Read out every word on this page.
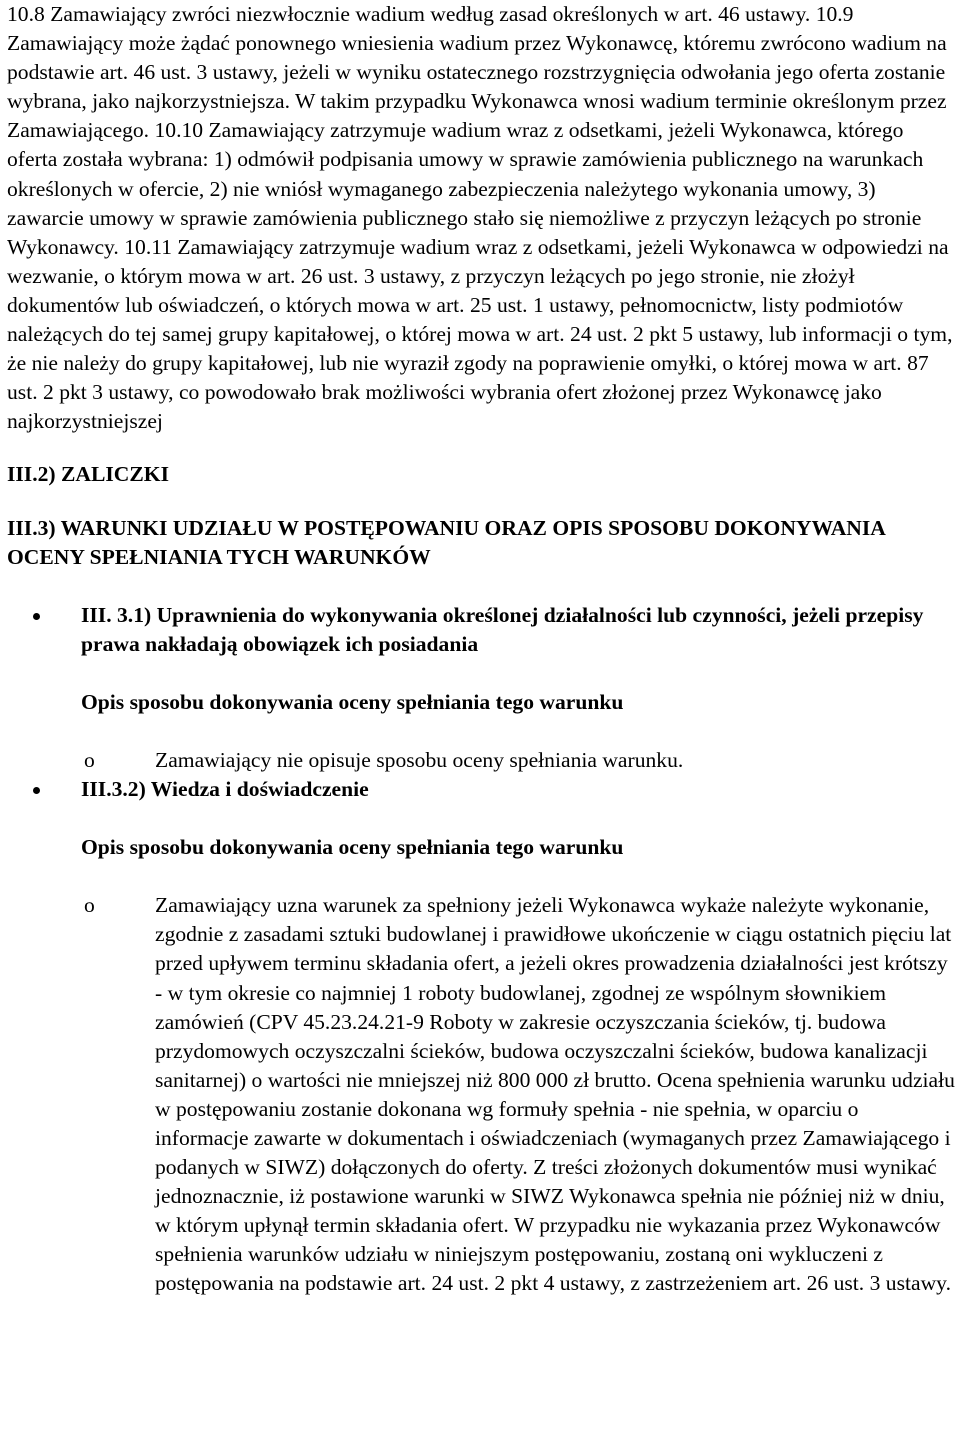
10.8 Zamawiający zwróci niezwłocznie wadium według zasad określonych w art. 46 ustawy. 10.9 Zamawiający może żądać ponownego wniesienia wadium przez Wykonawcę, któremu zwrócono wadium na podstawie art. 46 ust. 3 ustawy, jeżeli w wyniku ostatecznego rozstrzygnięcia odwołania jego oferta zostanie wybrana, jako najkorzystniejsza. W takim przypadku Wykonawca wnosi wadium terminie określonym przez Zamawiającego. 10.10 Zamawiający zatrzymuje wadium wraz z odsetkami, jeżeli Wykonawca, którego oferta została wybrana: 1) odmówił podpisania umowy w sprawie zamówienia publicznego na warunkach określonych w ofercie, 2) nie wniósł wymaganego zabezpieczenia należytego wykonania umowy, 3) zawarcie umowy w sprawie zamówienia publicznego stało się niemożliwe z przyczyn leżących po stronie Wykonawcy. 10.11 Zamawiający zatrzymuje wadium wraz z odsetkami, jeżeli Wykonawca w odpowiedzi na wezwanie, o którym mowa w art. 26 ust. 3 ustawy, z przyczyn leżących po jego stronie, nie złożył dokumentów lub oświadczeń, o których mowa w art. 25 ust. 1 ustawy, pełnomocnictw, listy podmiotów należących do tej samej grupy kapitałowej, o której mowa w art. 24 ust. 2 pkt 5 ustawy, lub informacji o tym, że nie należy do grupy kapitałowej, lub nie wyraził zgody na poprawienie omyłki, o której mowa w art. 87 ust. 2 pkt 3 ustawy, co powodowało brak możliwości wybrania ofert złożonej przez Wykonawcę jako najkorzystniejszej

III.2) ZALICZKI

III.3) WARUNKI UDZIAŁU W POSTĘPOWANIU ORAZ OPIS SPOSOBU DOKONYWANIA OCENY SPEŁNIANIA TYCH WARUNKÓW

III. 3.1) Uprawnienia do wykonywania określonej działalności lub czynności, jeżeli przepisy prawa nakładają obowiązek ich posiadania

Opis sposobu dokonywania oceny spełniania tego warunku

o	Zamawiający nie opisuje sposobu oceny spełniania warunku.

III.3.2) Wiedza i doświadczenie

Opis sposobu dokonywania oceny spełniania tego warunku

o	Zamawiający uzna warunek za spełniony jeżeli Wykonawca wykaże należyte wykonanie, zgodnie z zasadami sztuki budowlanej i prawidłowe ukończenie w ciągu ostatnich pięciu lat przed upływem terminu składania ofert, a jeżeli okres prowadzenia działalności jest krótszy - w tym okresie co najmniej 1 roboty budowlanej, zgodnej ze wspólnym słownikiem zamówień (CPV 45.23.24.21-9 Roboty w zakresie oczyszczania ścieków, tj. budowa przydomowych oczyszczalni ścieków, budowa oczyszczalni ścieków, budowa kanalizacji sanitarnej) o wartości nie mniejszej niż 800 000 zł brutto. Ocena spełnienia warunku udziału w postępowaniu zostanie dokonana wg formuły spełnia - nie spełnia, w oparciu o informacje zawarte w dokumentach i oświadczeniach (wymaganych przez Zamawiającego i podanych w SIWZ) dołączonych do oferty. Z treści złożonych dokumentów musi wynikać jednoznacznie, iż postawione warunki w SIWZ Wykonawca spełnia nie później niż w dniu, w którym upłynął termin składania ofert. W przypadku nie wykazania przez Wykonawców spełnienia warunków udziału w niniejszym postępowaniu, zostaną oni wykluczeni z postępowania na podstawie art. 24 ust. 2 pkt 4 ustawy, z zastrzeżeniem art. 26 ust. 3 ustawy.
